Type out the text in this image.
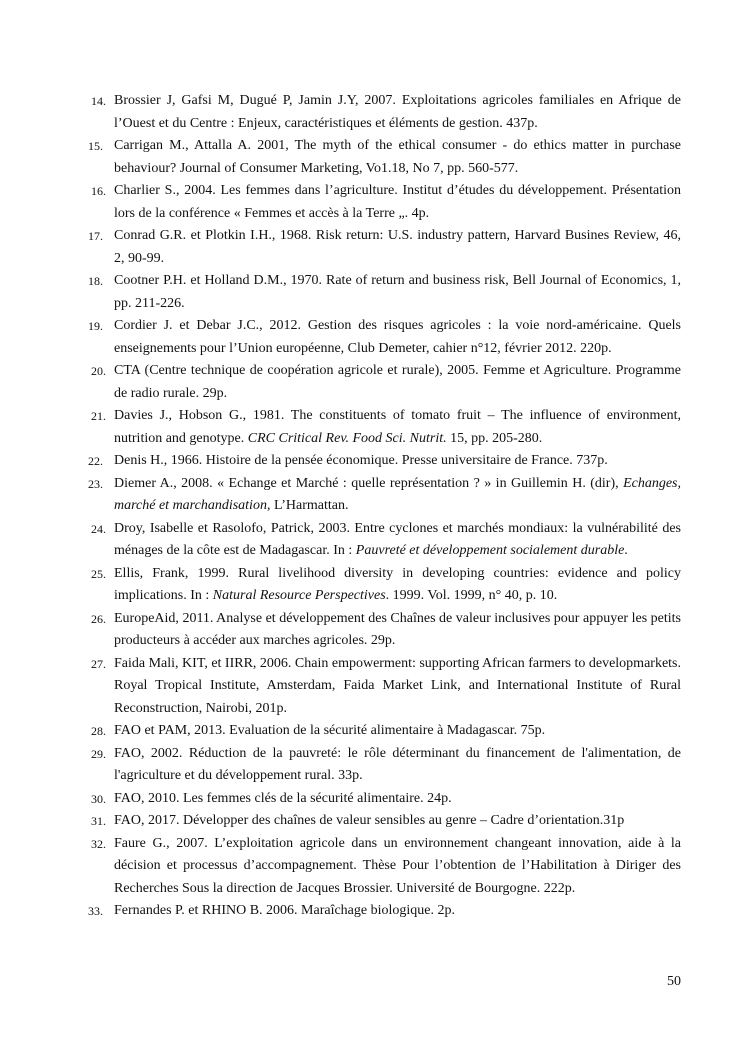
14. Brossier J, Gafsi M, Dugué P, Jamin J.Y, 2007. Exploitations agricoles familiales en Afrique de l’Ouest et du Centre : Enjeux, caractéristiques et éléments de gestion. 437p.
15. Carrigan M., Attalla A. 2001, The myth of the ethical consumer - do ethics matter in purchase behaviour? Journal of Consumer Marketing, Vo1.18, No 7, pp. 560-577.
16. Charlier S., 2004. Les femmes dans l’agriculture. Institut d’études du développement. Présentation lors de la conférence « Femmes et accès à la Terre „. 4p.
17. Conrad G.R. et Plotkin I.H., 1968. Risk return: U.S. industry pattern, Harvard Busines Review, 46, 2, 90-99.
18. Cootner P.H. et Holland D.M., 1970. Rate of return and business risk, Bell Journal of Economics, 1, pp. 211-226.
19. Cordier J. et Debar J.C., 2012. Gestion des risques agricoles : la voie nord-américaine. Quels enseignements pour l’Union européenne, Club Demeter, cahier n°12, février 2012. 220p.
20. CTA (Centre technique de coopération agricole et rurale), 2005. Femme et Agriculture. Programme de radio rurale. 29p.
21. Davies J., Hobson G., 1981. The constituents of tomato fruit – The influence of environment, nutrition and genotype. CRC Critical Rev. Food Sci. Nutrit. 15, pp. 205-280.
22. Denis H., 1966. Histoire de la pensée économique. Presse universitaire de France. 737p.
23. Diemer A., 2008. « Echange et Marché : quelle représentation ? » in Guillemin H. (dir), Echanges, marché et marchandisation, L’Harmattan.
24. Droy, Isabelle et Rasolofo, Patrick, 2003. Entre cyclones et marchés mondiaux: la vulnérabilité des ménages de la côte est de Madagascar. In : Pauvreté et développement socialement durable.
25. Ellis, Frank, 1999. Rural livelihood diversity in developing countries: evidence and policy implications. In : Natural Resource Perspectives. 1999. Vol. 1999, n° 40, p. 10.
26. EuropeAid, 2011. Analyse et développement des Chaînes de valeur inclusives pour appuyer les petits producteurs à accéder aux marches agricoles. 29p.
27. Faida Mali, KIT, et IIRR, 2006. Chain empowerment: supporting African farmers to developmarkets. Royal Tropical Institute, Amsterdam, Faida Market Link, and International Institute of Rural Reconstruction, Nairobi, 201p.
28. FAO et PAM, 2013. Evaluation de la sécurité alimentaire à Madagascar. 75p.
29. FAO, 2002. Réduction de la pauvreté: le rôle déterminant du financement de l'alimentation, de l'agriculture et du développement rural. 33p.
30. FAO, 2010. Les femmes clés de la sécurité alimentaire. 24p.
31. FAO, 2017. Développer des chaînes de valeur sensibles au genre – Cadre d’orientation.31p
32. Faure G., 2007. L’exploitation agricole dans un environnement changeant innovation, aide à la décision et processus d’accompagnement. Thèse Pour l’obtention de l’Habilitation à Diriger des Recherches Sous la direction de Jacques Brossier. Université de Bourgogne. 222p.
33. Fernandes P. et RHINO B. 2006. Maraîchage biologique. 2p.
50
